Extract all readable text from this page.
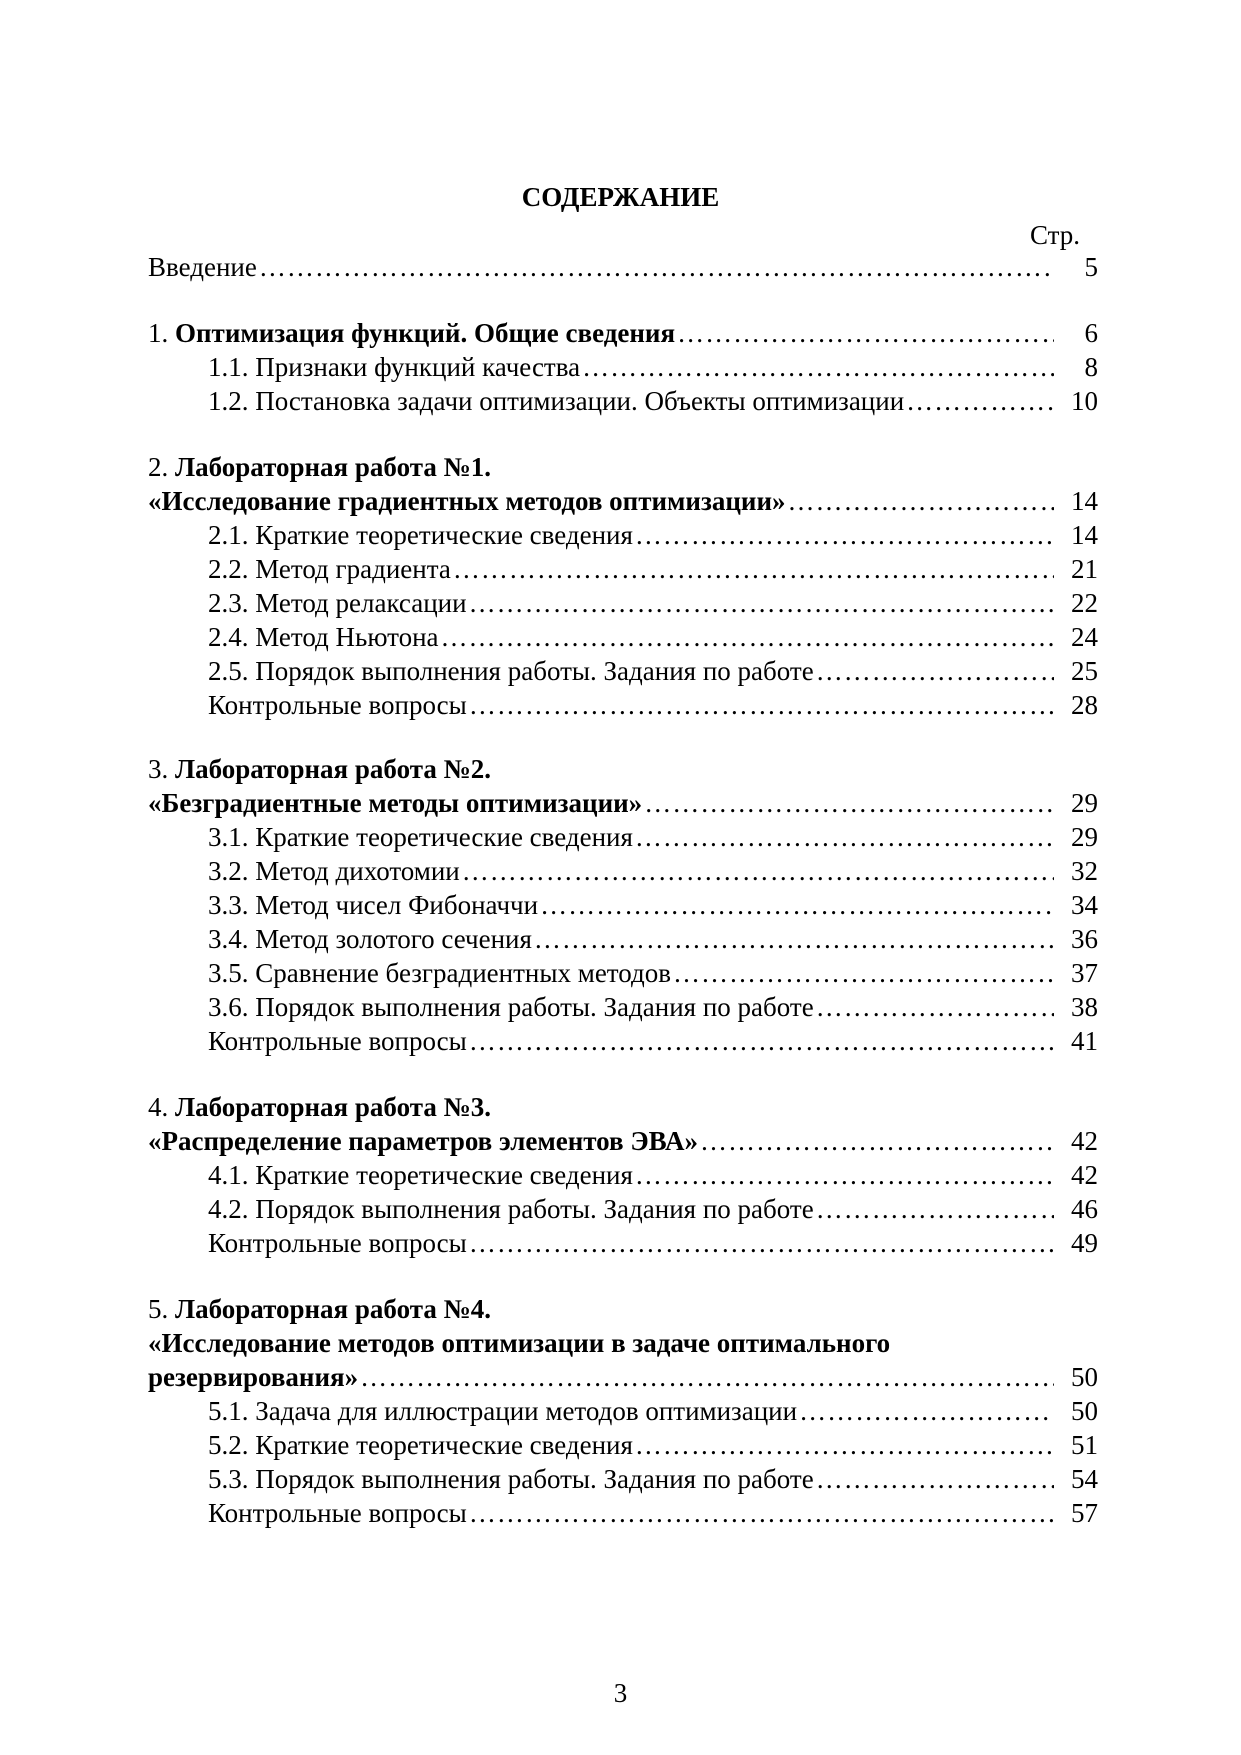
СОДЕРЖАНИЕ
Стр.
Введение …………………………………………………………………………………………………………………………………………………………………………	5
1. Оптимизация функций. Общие сведения …………………………………………………………………………………………………………………………………………………………………………	6
1.1. Признаки функций качества …………………………………………………………………………………………………………………………………………………………………………	8
1.2. Постановка задачи оптимизации. Объекты оптимизации …………………………………………………………………………………………………………………………………………………………………………	10
2. Лабораторная работа №1.
«Исследование градиентных методов оптимизации» …………………………………………………………………………………………………………………………………………………………………………	14
2.1. Краткие теоретические сведения …………………………………………………………………………………………………………………………………………………………………………	14
2.2. Метод градиента …………………………………………………………………………………………………………………………………………………………………………	21
2.3. Метод релаксации …………………………………………………………………………………………………………………………………………………………………………	22
2.4. Метод Ньютона …………………………………………………………………………………………………………………………………………………………………………	24
2.5. Порядок выполнения работы. Задания по работе …………………………………………………………………………………………………………………………………………………………………………	25
Контрольные вопросы …………………………………………………………………………………………………………………………………………………………………………	28
3. Лабораторная работа №2.
«Безградиентные методы оптимизации» …………………………………………………………………………………………………………………………………………………………………………	29
3.1. Краткие теоретические сведения …………………………………………………………………………………………………………………………………………………………………………	29
3.2. Метод дихотомии …………………………………………………………………………………………………………………………………………………………………………	32
3.3. Метод чисел Фибоначчи …………………………………………………………………………………………………………………………………………………………………………	34
3.4. Метод золотого сечения …………………………………………………………………………………………………………………………………………………………………………	36
3.5. Сравнение безградиентных методов …………………………………………………………………………………………………………………………………………………………………………	37
3.6. Порядок выполнения работы. Задания по работе …………………………………………………………………………………………………………………………………………………………………………	38
Контрольные вопросы …………………………………………………………………………………………………………………………………………………………………………	41
4. Лабораторная работа №3.
«Распределение параметров элементов ЭВА» …………………………………………………………………………………………………………………………………………………………………………	42
4.1. Краткие теоретические сведения …………………………………………………………………………………………………………………………………………………………………………	42
4.2. Порядок выполнения работы. Задания по работе …………………………………………………………………………………………………………………………………………………………………………	46
Контрольные вопросы …………………………………………………………………………………………………………………………………………………………………………	49
5. Лабораторная работа №4.
«Исследование методов оптимизации в задаче оптимального
резервирования» …………………………………………………………………………………………………………………………………………………………………………	50
5.1. Задача для иллюстрации методов оптимизации …………………………………………………………………………………………………………………………………………………………………………	50
5.2. Краткие теоретические сведения …………………………………………………………………………………………………………………………………………………………………………	51
5.3. Порядок выполнения работы. Задания по работе …………………………………………………………………………………………………………………………………………………………………………	54
Контрольные вопросы …………………………………………………………………………………………………………………………………………………………………………	57
3
